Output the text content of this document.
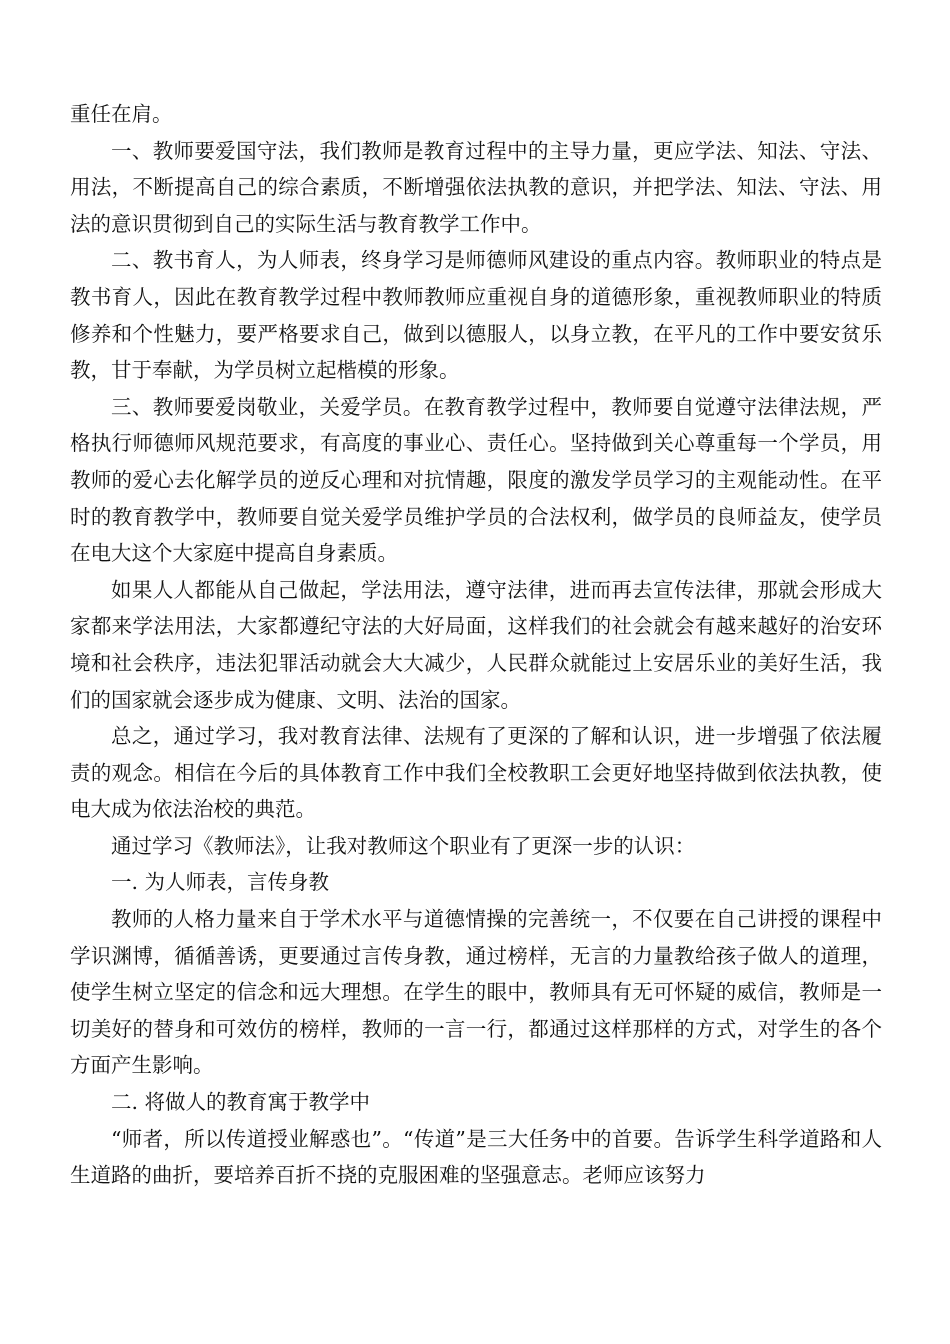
重任在肩。

一、教师要爱国守法，我们教师是教育过程中的主导力量，更应学法、知法、守法、用法，不断提高自己的综合素质，不断增强依法执教的意识，并把学法、知法、守法、用法的意识贯彻到自己的实际生活与教育教学工作中。

二、教书育人，为人师表，终身学习是师德师风建设的重点内容。教师职业的特点是教书育人，因此在教育教学过程中教师教师应重视自身的道德形象，重视教师职业的特质修养和个性魅力，要严格要求自己，做到以德服人，以身立教，在平凡的工作中要安贫乐教，甘于奉献，为学员树立起楷模的形象。

三、教师要爱岗敬业，关爱学员。在教育教学过程中，教师要自觉遵守法律法规，严格执行师德师风规范要求，有高度的事业心、责任心。坚持做到关心尊重每一个学员，用教师的爱心去化解学员的逆反心理和对抗情趣，限度的激发学员学习的主观能动性。在平时的教育教学中，教师要自觉关爱学员维护学员的合法权利，做学员的良师益友，使学员在电大这个大家庭中提高自身素质。

如果人人都能从自己做起，学法用法，遵守法律，进而再去宣传法律，那就会形成大家都来学法用法，大家都遵纪守法的大好局面，这样我们的社会就会有越来越好的治安环境和社会秩序，违法犯罪活动就会大大减少，人民群众就能过上安居乐业的美好生活，我们的国家就会逐步成为健康、文明、法治的国家。

总之，通过学习，我对教育法律、法规有了更深的了解和认识，进一步增强了依法履责的观念。相信在今后的具体教育工作中我们全校教职工会更好地坚持做到依法执教，使电大成为依法治校的典范。

通过学习《教师法》，让我对教师这个职业有了更深一步的认识：

一. 为人师表，言传身教

教师的人格力量来自于学术水平与道德情操的完善统一，不仅要在自己讲授的课程中学识渊博，循循善诱，更要通过言传身教，通过榜样，无言的力量教给孩子做人的道理，使学生树立坚定的信念和远大理想。在学生的眼中，教师具有无可怀疑的威信，教师是一切美好的替身和可效仿的榜样，教师的一言一行，都通过这样那样的方式，对学生的各个方面产生影响。

二. 将做人的教育寓于教学中

“师者，所以传道授业解惑也”。“传道”是三大任务中的首要。告诉学生科学道路和人生道路的曲折，要培养百折不挠的克服困难的坚强意志。老师应该努力
